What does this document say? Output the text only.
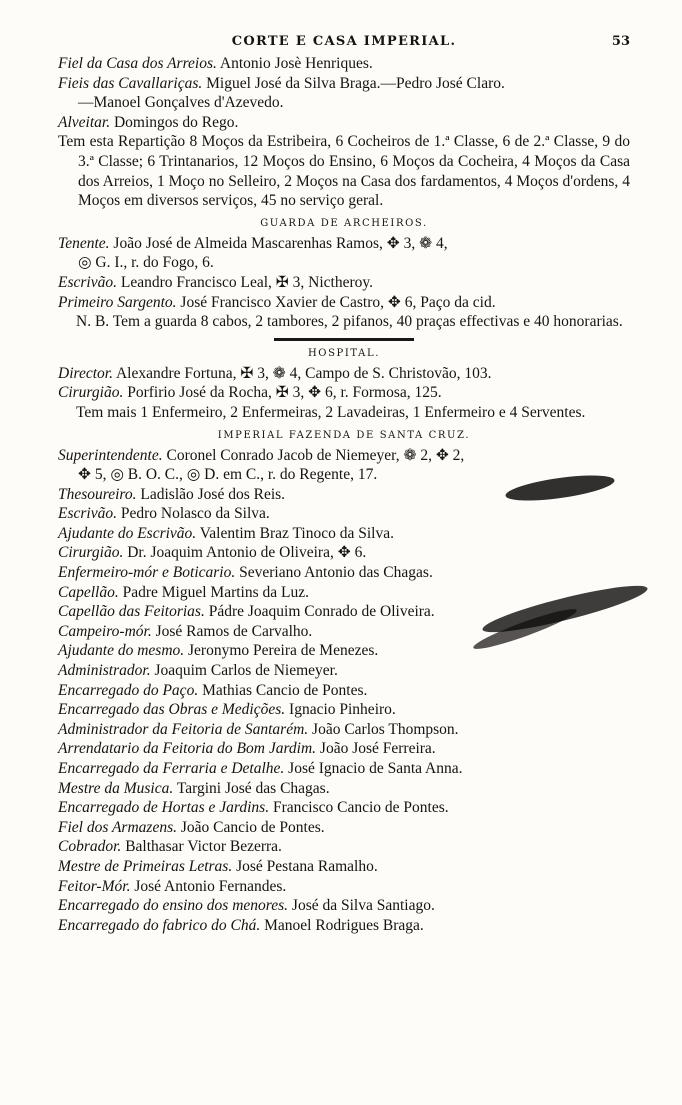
CORTE E CASA IMPERIAL.	53
Fiel da Casa dos Arreios. Antonio Josè Henriques.
Fieis das Cavallariças. Miguel José da Silva Braga.—Pedro José Claro.
—Manoel Gonçalves d'Azevedo.
Alveitar. Domingos do Rego.
Tem esta Repartição 8 Moços da Estribeira, 6 Cocheiros de 1.ª Classe, 6 de 2.ª Classe, 9 do 3.ª Classe; 6 Trintanarios, 12 Moços do Ensino, 6 Moços da Cocheira, 4 Moços da Casa dos Arreios, 1 Moço no Selleiro, 2 Moços na Casa dos fardamentos, 4 Moços d'ordens, 4 Moços em diversos serviços, 45 no serviço geral.
GUARDA DE ARCHEIROS.
Tenente. João José de Almeida Mascarenhas Ramos, ✥ 3, ❁ 4,
◎ G. I., r. do Fogo, 6.
Escrivão. Leandro Francisco Leal, ✠ 3, Nictheroy.
Primeiro Sargento. José Francisco Xavier de Castro, ✥ 6, Paço da cid.
N. B. Tem a guarda 8 cabos, 2 tambores, 2 pifanos, 40 praças effectivas e 40 honorarias.
HOSPITAL.
Director. Alexandre Fortuna, ✠ 3, ❁ 4, Campo de S. Christovão, 103.
Cirurgião. Porfirio José da Rocha, ✠ 3, ✥ 6, r. Formosa, 125.
Tem mais 1 Enfermeiro, 2 Enfermeiras, 2 Lavadeiras, 1 Enfermeiro e 4 Serventes.
IMPERIAL FAZENDA DE SANTA CRUZ.
Superintendente. Coronel Conrado Jacob de Niemeyer, ❁ 2, ✥ 2,
✥ 5, ◎ B. O. C., ◎ D. em C., r. do Regente, 17.
Thesoureiro. Ladislão José dos Reis.
Escrivão. Pedro Nolasco da Silva.
Ajudante do Escrivão. Valentim Braz Tinoco da Silva.
Cirurgião. Dr. Joaquim Antonio de Oliveira, ✥ 6.
Enfermeiro-mór e Boticario. Severiano Antonio das Chagas.
Capellão. Padre Miguel Martins da Luz.
Capellão das Feitorias. Pádre Joaquim Conrado de Oliveira.
Campeiro-mór. José Ramos de Carvalho.
Ajudante do mesmo. Jeronymo Pereira de Menezes.
Administrador. Joaquim Carlos de Niemeyer.
Encarregado do Paço. Mathias Cancio de Pontes.
Encarregado das Obras e Medições. Ignacio Pinheiro.
Administrador da Feitoria de Santarém. João Carlos Thompson.
Arrendatario da Feitoria do Bom Jardim. João José Ferreira.
Encarregado da Ferraria e Detalhe. José Ignacio de Santa Anna.
Mestre da Musica. Targini José das Chagas.
Encarregado de Hortas e Jardins. Francisco Cancio de Pontes.
Fiel dos Armazens. João Cancio de Pontes.
Cobrador. Balthasar Victor Bezerra.
Mestre de Primeiras Letras. José Pestana Ramalho.
Feitor-Mór. José Antonio Fernandes.
Encarregado do ensino dos menores. José da Silva Santiago.
Encarregado do fabrico do Chá. Manoel Rodrigues Braga.
